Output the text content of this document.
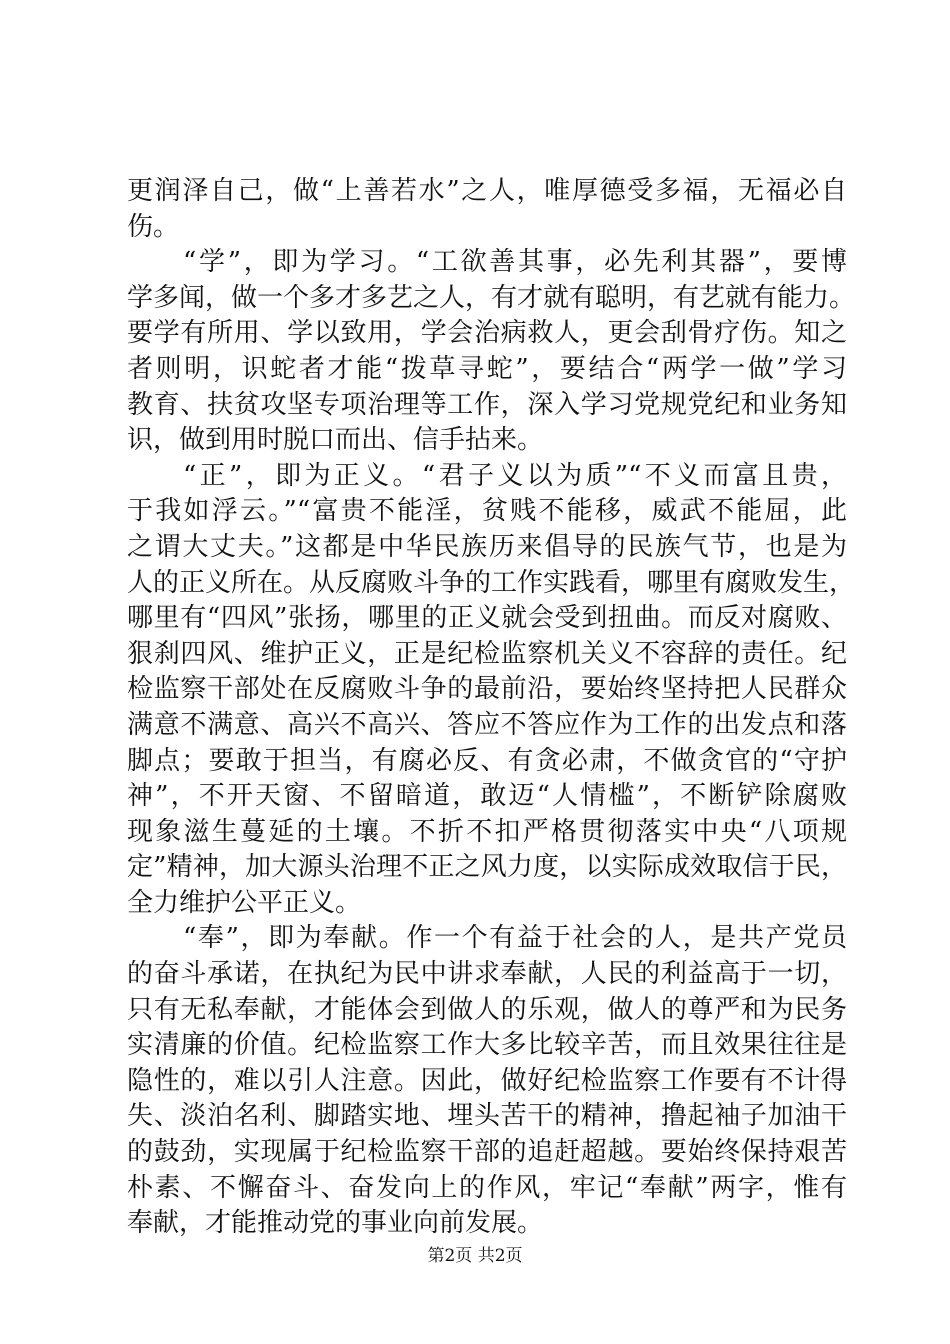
更润泽自己，做“上善若水”之人，唯厚德受多福，无福必自
伤。
“学”，即为学习。“工欲善其事，必先利其器”，要博
学多闻，做一个多才多艺之人，有才就有聪明，有艺就有能力。
要学有所用、学以致用，学会治病救人，更会刮骨疗伤。知之
者则明，识蛇者才能“拨草寻蛇”，要结合“两学一做”学习
教育、扶贫攻坚专项治理等工作，深入学习党规党纪和业务知
识，做到用时脱口而出、信手拈来。
“正”，即为正义。“君子义以为质”“不义而富且贵，
于我如浮云。”“富贵不能淫，贫贱不能移，威武不能屈，此
之谓大丈夫。”这都是中华民族历来倡导的民族气节，也是为
人的正义所在。从反腐败斗争的工作实践看，哪里有腐败发生，
哪里有“四风”张扬，哪里的正义就会受到扭曲。而反对腐败、
狠刹四风、维护正义，正是纪检监察机关义不容辞的责任。纪
检监察干部处在反腐败斗争的最前沿，要始终坚持把人民群众
满意不满意、高兴不高兴、答应不答应作为工作的出发点和落
脚点；要敢于担当，有腐必反、有贪必肃，不做贪官的“守护
神”，不开天窗、不留暗道，敢迈“人情槛”，不断铲除腐败
现象滋生蔓延的土壤。不折不扣严格贯彻落实中央“八项规
定”精神，加大源头治理不正之风力度，以实际成效取信于民，
全力维护公平正义。
“奉”，即为奉献。作一个有益于社会的人，是共产党员
的奋斗承诺，在执纪为民中讲求奉献，人民的利益高于一切，
只有无私奉献，才能体会到做人的乐观，做人的尊严和为民务
实清廉的价值。纪检监察工作大多比较辛苦，而且效果往往是
隐性的，难以引人注意。因此，做好纪检监察工作要有不计得
失、淡泊名利、脚踏实地、埋头苦干的精神，撸起袖子加油干
的鼓劲，实现属于纪检监察干部的追赶超越。要始终保持艰苦
朴素、不懈奋斗、奋发向上的作风，牢记“奉献”两字，惟有
奉献，才能推动党的事业向前发展。
第2页 共2页
